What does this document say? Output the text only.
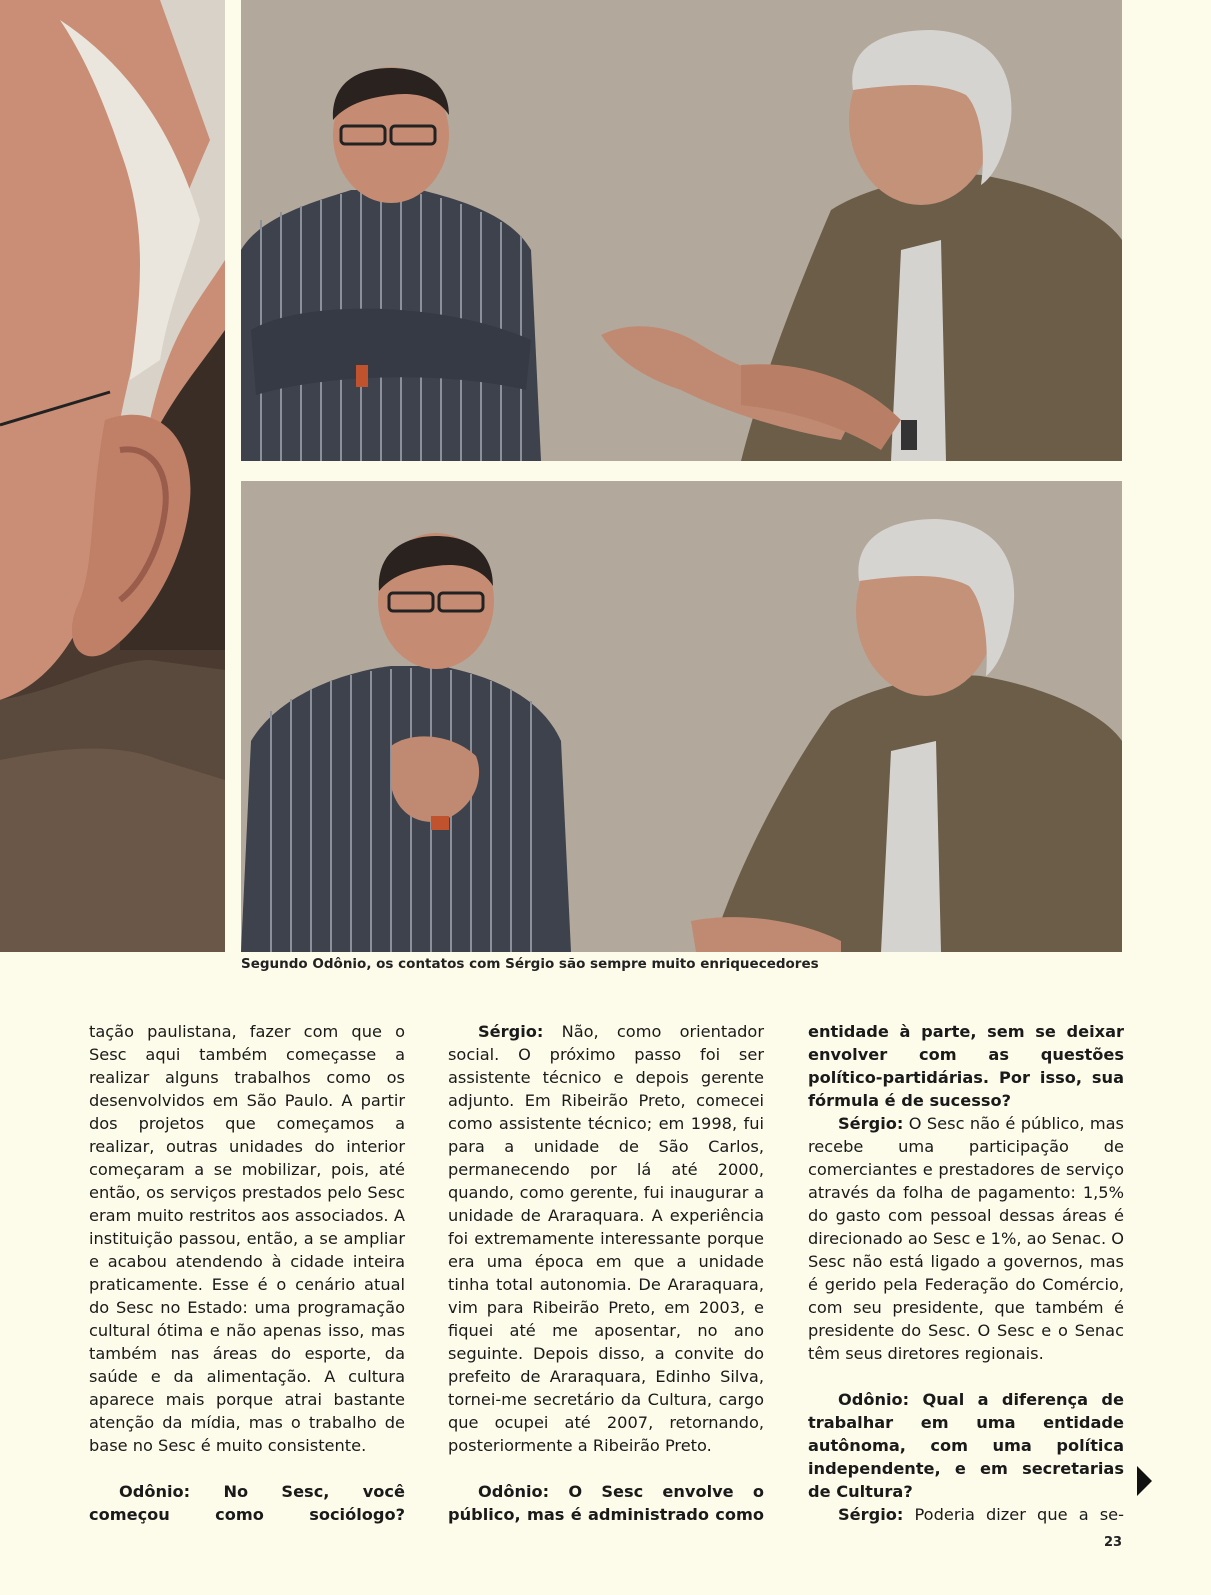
Segundo Odônio, os contatos com Sérgio são sempre muito enriquecedores

tação paulistana, fazer com que o Sesc aqui também começasse a realizar alguns trabalhos como os desenvolvidos em São Paulo. A partir dos projetos que começamos a realizar, outras unidades do interior começaram a se mobilizar, pois, até então, os serviços prestados pelo Sesc eram muito restritos aos associados. A instituição passou, então, a se ampliar e acabou atendendo à cidade inteira praticamente. Esse é o cenário atual do Sesc no Estado: uma programação cultural ótima e não apenas isso, mas também nas áreas do esporte, da saúde e da alimentação. A cultura aparece mais porque atrai bastante atenção da mídia, mas o trabalho de base no Sesc é muito consistente.

Odônio: No Sesc, você começou como sociólogo?

Sérgio: Não, como orientador social. O próximo passo foi ser assistente técnico e depois gerente adjunto. Em Ribeirão Preto, comecei como assistente técnico; em 1998, fui para a unidade de São Carlos, permanecendo por lá até 2000, quando, como gerente, fui inaugurar a unidade de Araraquara. A experiência foi extremamente interessante porque era uma época em que a unidade tinha total autonomia. De Araraquara, vim para Ribeirão Preto, em 2003, e fiquei até me aposentar, no ano seguinte. Depois disso, a convite do prefeito de Araraquara, Edinho Silva, tornei-me secretário da Cultura, cargo que ocupei até 2007, retornando, posteriormente a Ribeirão Preto.

Odônio: O Sesc envolve o público, mas é administrado como

entidade à parte, sem se deixar envolver com as questões político-partidárias. Por isso, sua fórmula é de sucesso?

Sérgio: O Sesc não é público, mas recebe uma participação de comerciantes e prestadores de serviço através da folha de pagamento: 1,5% do gasto com pessoal dessas áreas é direcionado ao Sesc e 1%, ao Senac. O Sesc não está ligado a governos, mas é gerido pela Federação do Comércio, com seu presidente, que também é presidente do Sesc. O Sesc e o Senac têm seus diretores regionais.

Odônio: Qual a diferença de trabalhar em uma entidade autônoma, com uma política independente, e em secretarias de Cultura?

Sérgio: Poderia dizer que a se-

23
